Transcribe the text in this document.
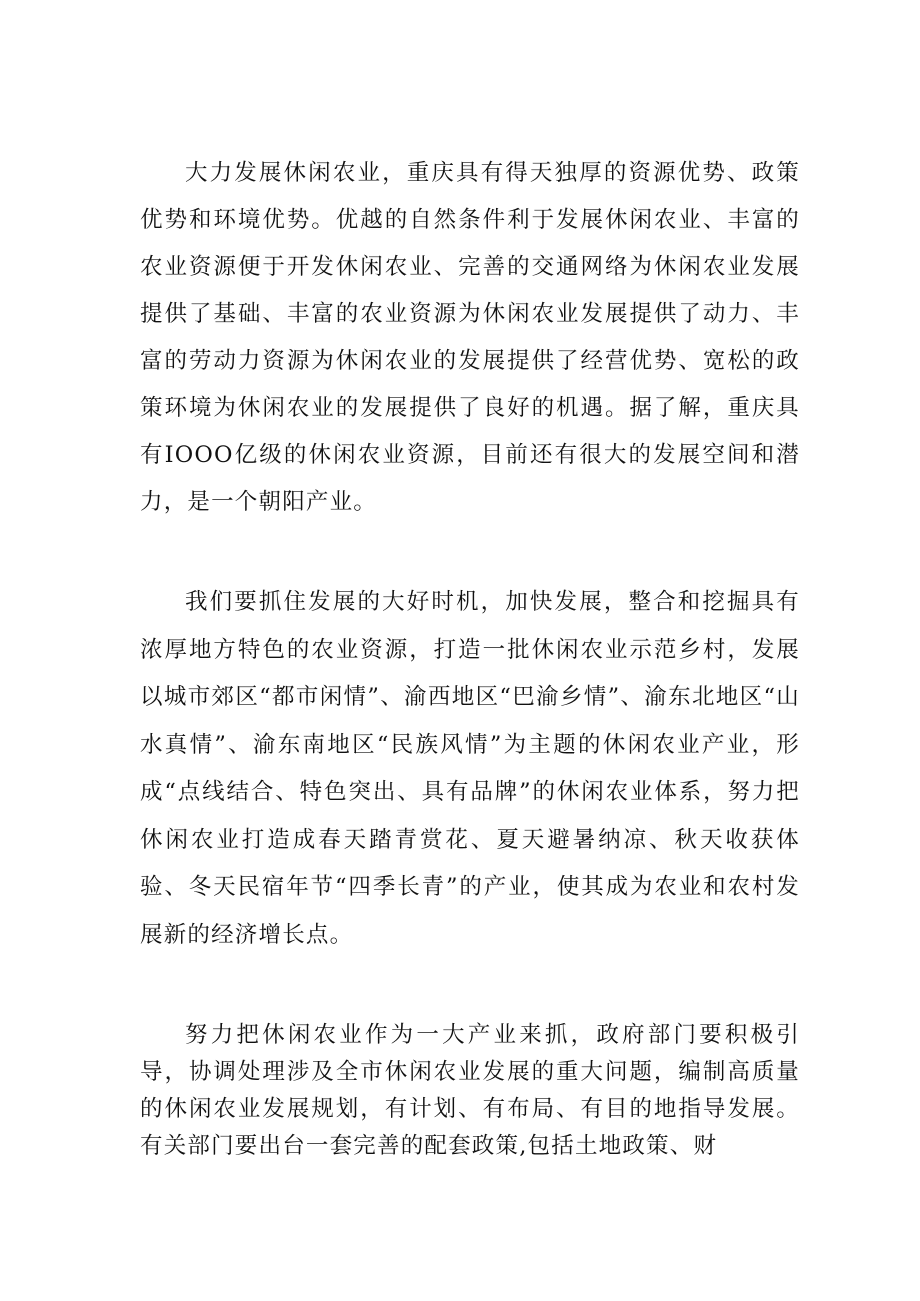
大力发展休闲农业，重庆具有得天独厚的资源优势、政策优势和环境优势。优越的自然条件利于发展休闲农业、丰富的农业资源便于开发休闲农业、完善的交通网络为休闲农业发展提供了基础、丰富的农业资源为休闲农业发展提供了动力、丰富的劳动力资源为休闲农业的发展提供了经营优势、宽松的政策环境为休闲农业的发展提供了良好的机遇。据了解，重庆具有IOOO亿级的休闲农业资源，目前还有很大的发展空间和潜力，是一个朝阳产业。

我们要抓住发展的大好时机，加快发展，整合和挖掘具有浓厚地方特色的农业资源，打造一批休闲农业示范乡村，发展以城市郊区“都市闲情”、渝西地区“巴渝乡情”、渝东北地区“山水真情”、渝东南地区“民族风情”为主题的休闲农业产业，形成“点线结合、特色突出、具有品牌”的休闲农业体系，努力把休闲农业打造成春天踏青赏花、夏天避暑纳凉、秋天收获体验、冬天民宿年节“四季长青”的产业，使其成为农业和农村发展新的经济增长点。

努力把休闲农业作为一大产业来抓，政府部门要积极引导，协调处理涉及全市休闲农业发展的重大问题，编制高质量的休闲农业发展规划，有计划、有布局、有目的地指导发展。有关部门要出台一套完善的配套政策,包括土地政策、财
